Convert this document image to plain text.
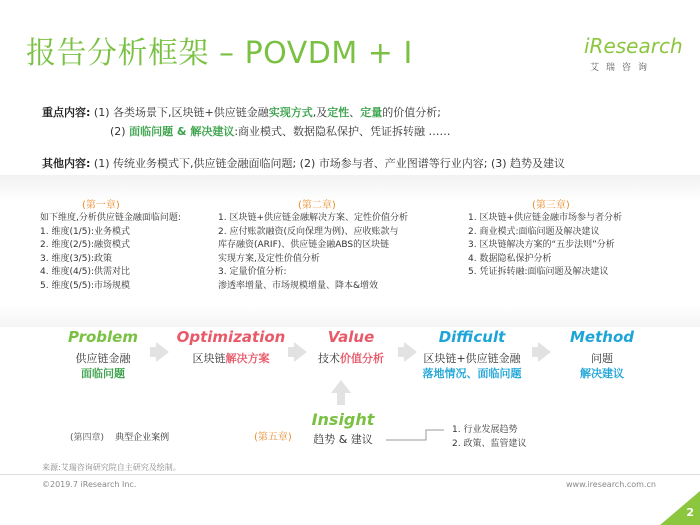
报告分析框架 – POVDM + I	iResearch
艾瑞咨询
重点内容: (1) 各类场景下,区块链+供应链金融实现方式,及定性、定量的价值分析;
(2) 面临问题 & 解决建议:商业模式、数据隐私保护、凭证拆转融 ……
其他内容: (1) 传统业务模式下,供应链金融面临问题; (2) 市场参与者、产业图谱等行业内容; (3) 趋势及建议
(第一章)
如下维度,分析供应链金融面临问题:
1. 维度(1/5):业务模式
2. 维度(2/5):融资模式
3. 维度(3/5):政策
4. 维度(4/5):供需对比
5. 维度(5/5):市场规模
(第二章)
1. 区块链+供应链金融解决方案、定性价值分析
2. 应付账款融资(反向保理为例)、应收账款与
库存融资(ARIF)、供应链金融ABS的区块链
实现方案,及定性价值分析
3. 定量价值分析:
渗透率增量、市场规模增量、降本&增效
(第三章)
1. 区块链+供应链金融市场参与者分析
2. 商业模式:面临问题及解决建议
3. 区块链解决方案的“五步法则”分析
4. 数据隐私保护分析
5. 凭证拆转融:面临问题及解决建议
Problem
供应链金融
面临问题
Optimization
区块链解决方案
Value
技术价值分析
Difficult
区块链+供应链金融
落地情况、面临问题
Method
问题
解决建议
(第四章) 典型企业案例	(第五章)
Insight
趋势 & 建议
1. 行业发展趋势
2. 政策、监管建议
来源:艾瑞咨询研究院自主研究及绘制。
©2019.7 iResearch Inc.	www.iresearch.com.cn
2
